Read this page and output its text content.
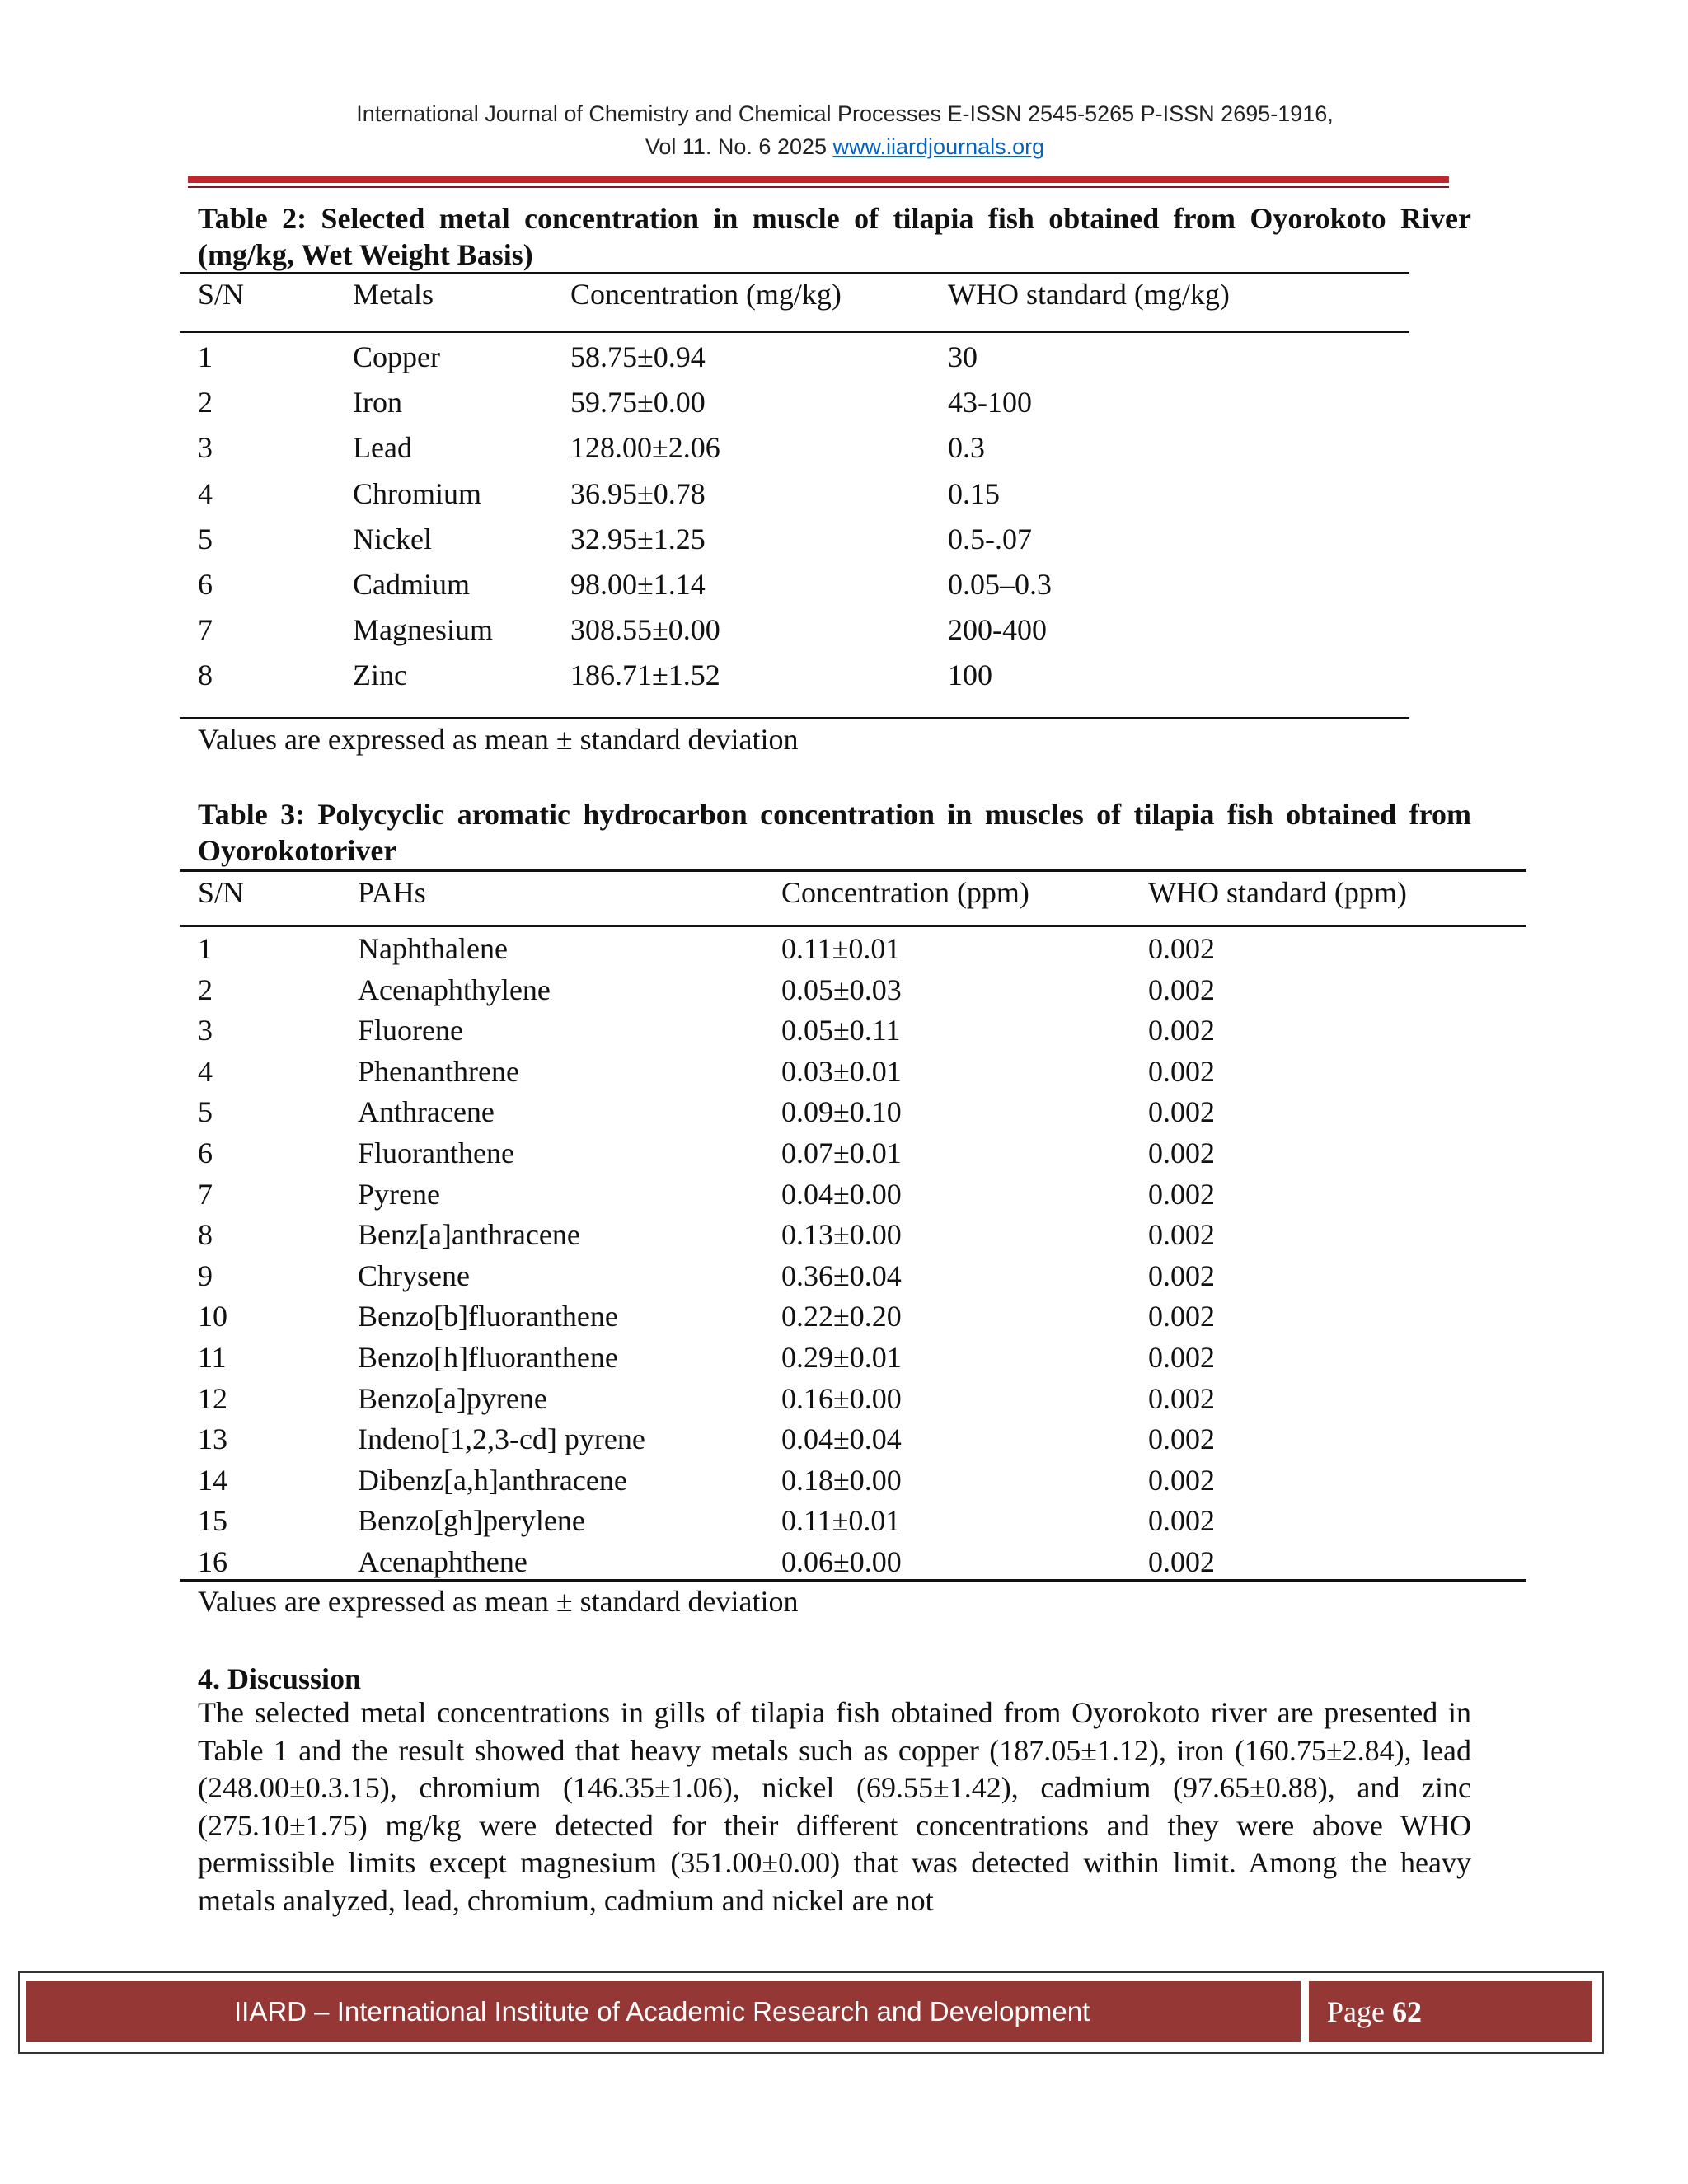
International Journal of Chemistry and Chemical Processes E-ISSN 2545-5265 P-ISSN 2695-1916,
Vol 11. No. 6 2025 www.iiardjournals.org
Table 2: Selected metal concentration in muscle of tilapia fish obtained from Oyorokoto River (mg/kg, Wet Weight Basis)
S/N	Metals	Concentration (mg/kg)	WHO standard (mg/kg)
1	Copper	58.75±0.94	30
2	Iron	59.75±0.00	43-100
3	Lead	128.00±2.06	0.3
4	Chromium	36.95±0.78	0.15
5	Nickel	32.95±1.25	0.5-.07
6	Cadmium	98.00±1.14	0.05–0.3
7	Magnesium	308.55±0.00	200-400
8	Zinc	186.71±1.52	100
Values are expressed as mean ± standard deviation
Table 3: Polycyclic aromatic hydrocarbon concentration in muscles of tilapia fish obtained from Oyorokotoriver
S/N	PAHs	Concentration (ppm)	WHO standard (ppm)
1	Naphthalene	0.11±0.01	0.002
2	Acenaphthylene	0.05±0.03	0.002
3	Fluorene	0.05±0.11	0.002
4	Phenanthrene	0.03±0.01	0.002
5	Anthracene	0.09±0.10	0.002
6	Fluoranthene	0.07±0.01	0.002
7	Pyrene	0.04±0.00	0.002
8	Benz[a]anthracene	0.13±0.00	0.002
9	Chrysene	0.36±0.04	0.002
10	Benzo[b]fluoranthene	0.22±0.20	0.002
11	Benzo[h]fluoranthene	0.29±0.01	0.002
12	Benzo[a]pyrene	0.16±0.00	0.002
13	Indeno[1,2,3-cd] pyrene	0.04±0.04	0.002
14	Dibenz[a,h]anthracene	0.18±0.00	0.002
15	Benzo[gh]perylene	0.11±0.01	0.002
16	Acenaphthene	0.06±0.00	0.002
Values are expressed as mean ± standard deviation
4. Discussion
The selected metal concentrations in gills of tilapia fish obtained from Oyorokoto river are presented in Table 1 and the result showed that heavy metals such as copper (187.05±1.12), iron (160.75±2.84), lead (248.00±0.3.15), chromium (146.35±1.06), nickel (69.55±1.42), cadmium (97.65±0.88), and zinc (275.10±1.75) mg/kg were detected for their different concentrations and they were above WHO permissible limits except magnesium (351.00±0.00) that was detected within limit. Among the heavy metals analyzed, lead, chromium, cadmium and nickel are not
IIARD – International Institute of Academic Research and Development	Page 62
